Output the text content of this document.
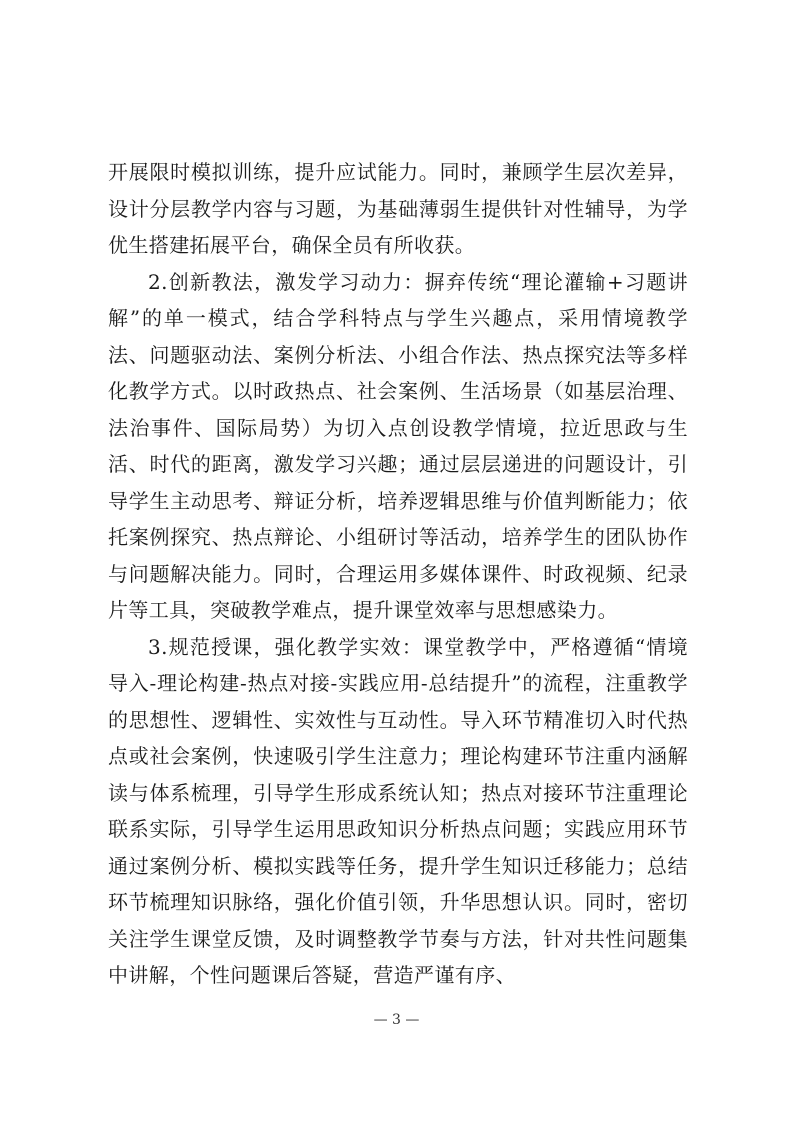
开展限时模拟训练，提升应试能力。同时，兼顾学生层次差异，设计分层教学内容与习题，为基础薄弱生提供针对性辅导，为学优生搭建拓展平台，确保全员有所收获。

2.创新教法，激发学习动力：摒弃传统“理论灌输+习题讲解”的单一模式，结合学科特点与学生兴趣点，采用情境教学法、问题驱动法、案例分析法、小组合作法、热点探究法等多样化教学方式。以时政热点、社会案例、生活场景（如基层治理、法治事件、国际局势）为切入点创设教学情境，拉近思政与生活、时代的距离，激发学习兴趣；通过层层递进的问题设计，引导学生主动思考、辩证分析，培养逻辑思维与价值判断能力；依托案例探究、热点辩论、小组研讨等活动，培养学生的团队协作与问题解决能力。同时，合理运用多媒体课件、时政视频、纪录片等工具，突破教学难点，提升课堂效率与思想感染力。

3.规范授课，强化教学实效：课堂教学中，严格遵循“情境导入-理论构建-热点对接-实践应用-总结提升”的流程，注重教学的思想性、逻辑性、实效性与互动性。导入环节精准切入时代热点或社会案例，快速吸引学生注意力；理论构建环节注重内涵解读与体系梳理，引导学生形成系统认知；热点对接环节注重理论联系实际，引导学生运用思政知识分析热点问题；实践应用环节通过案例分析、模拟实践等任务，提升学生知识迁移能力；总结环节梳理知识脉络，强化价值引领，升华思想认识。同时，密切关注学生课堂反馈，及时调整教学节奏与方法，针对共性问题集中讲解，个性问题课后答疑，营造严谨有序、

— 3 —
